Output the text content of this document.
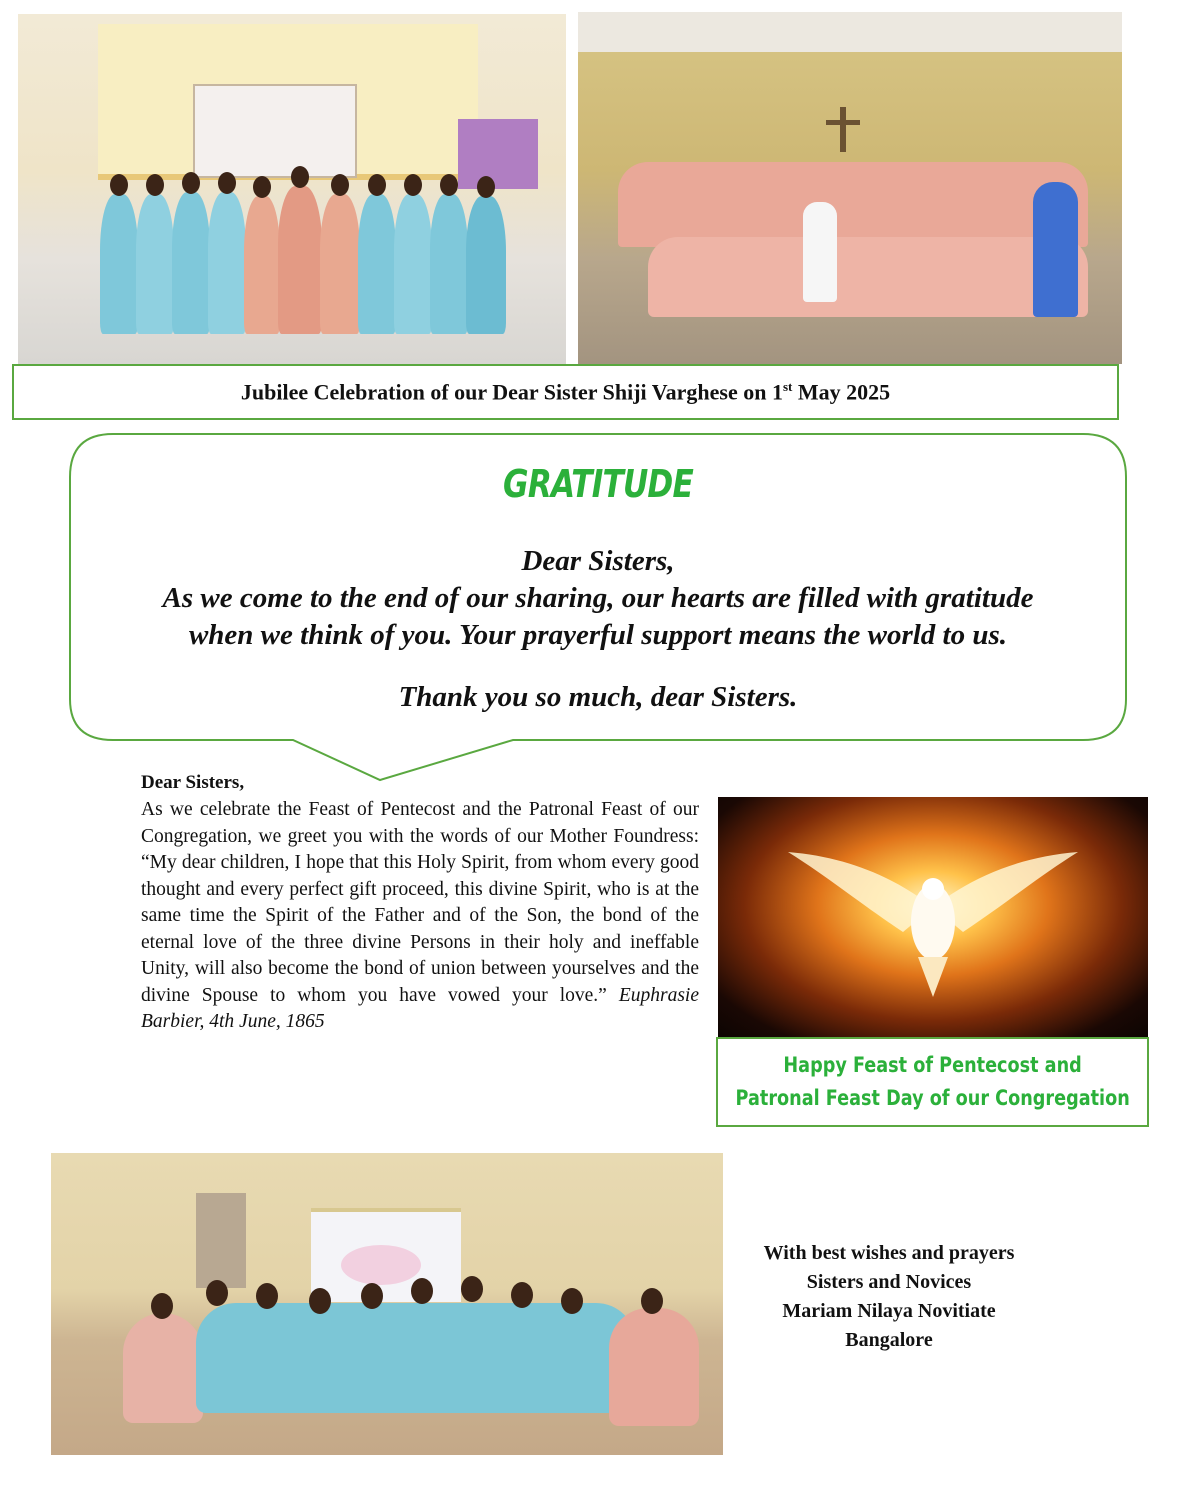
Jubilee Celebration of our Dear Sister Shiji Varghese on 1st May 2025
GRATITUDE
Dear Sisters,
As we come to the end of our sharing, our hearts are filled with gratitude
when we think of you. Your prayerful support means the world to us.
Thank you so much, dear Sisters.
Dear Sisters,
As we celebrate the Feast of Pentecost and the Patronal Feast of our Congregation, we greet you with the words of our Mother Foundress: “My dear children, I hope that this Holy Spirit, from whom every good thought and every perfect gift proceed, this divine Spirit, who is at the same time the Spirit of the Father and of the Son, the bond of the eternal love of the three divine Persons in their holy and ineffable Unity, will also become the bond of union between yourselves and the divine Spouse to whom you have vowed your love.” Euphrasie Barbier, 4th June, 1865
Happy Feast of Pentecost and
Patronal Feast Day of our Congregation
With best wishes and prayers
Sisters and Novices
Mariam Nilaya Novitiate
Bangalore
